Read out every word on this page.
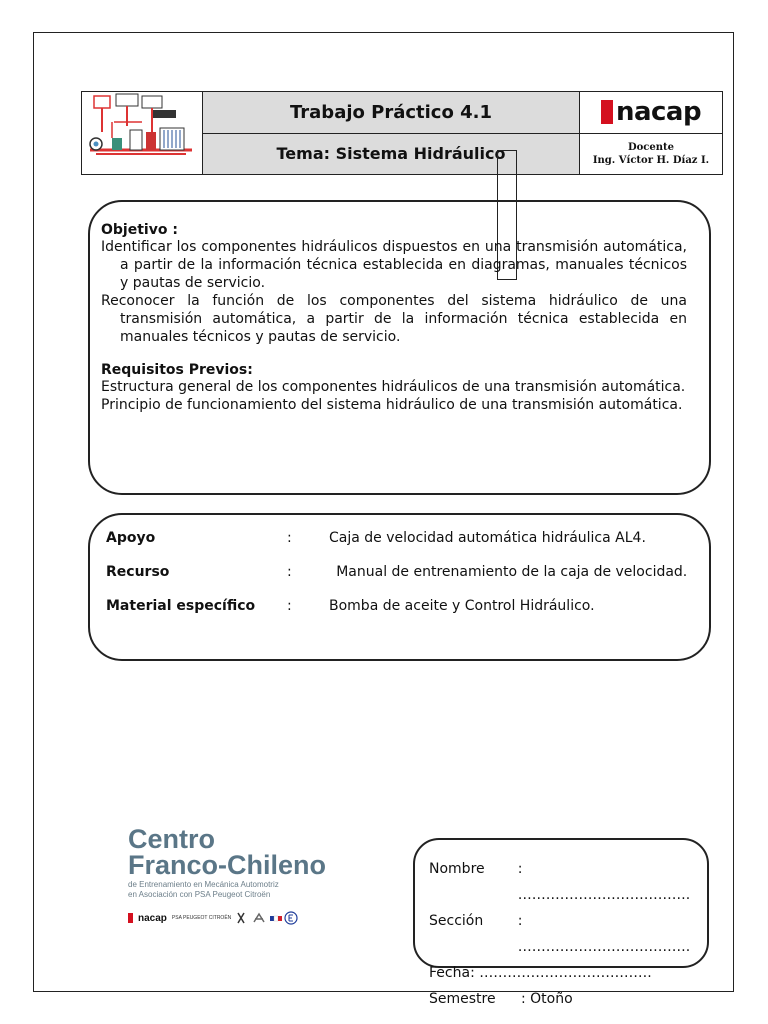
Trabajo Práctico 4.1
Tema: Sistema Hidráulico
nacap
Docente
Ing. Víctor H. Díaz I.
Objetivo :
Identificar los componentes hidráulicos dispuestos en una transmisión automática, a partir de la información técnica establecida en diagramas, manuales técnicos y pautas de servicio.
Reconocer la función de los componentes del sistema hidráulico de una transmisión automática, a partir de la información técnica establecida en manuales técnicos y pautas de servicio.
Requisitos Previos:
Estructura general de los componentes hidráulicos de una transmisión automática.
Principio de funcionamiento del sistema hidráulico de una transmisión automática.
Apoyo	:	Caja de velocidad automática hidráulica AL4.
Recurso	:          Manual de entrenamiento de la caja de velocidad.
Material específico	:	Bomba de aceite y Control Hidráulico.
Centro
Franco-Chileno
de Entrenamiento en Mecánica Automotriz
en Asociación con PSA Peugeot Citroën
nacap PSA PEUGEOT CITROËN
Nombre	: ……………………………….
Sección	: ……………………………….
Fecha : ……………………………….
Semestre	: Otoño
